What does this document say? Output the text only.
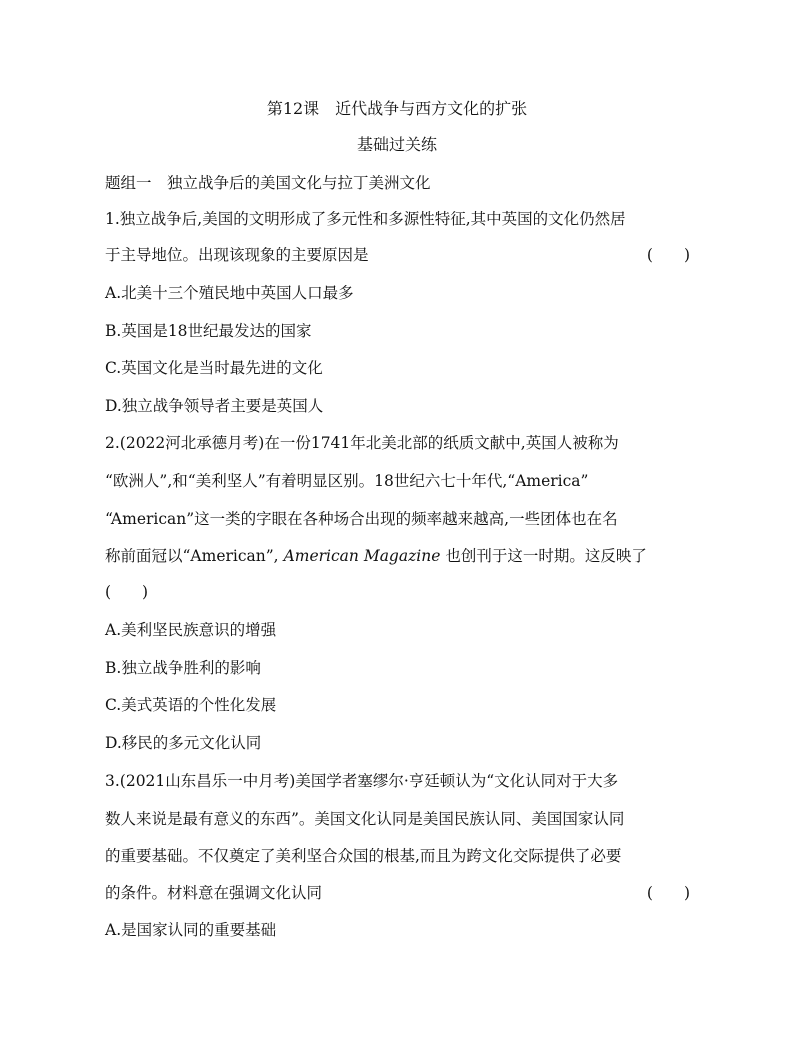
第12课　近代战争与西方文化的扩张
基础过关练
题组一　独立战争后的美国文化与拉丁美洲文化
1.独立战争后,美国的文明形成了多元性和多源性特征,其中英国的文化仍然居
于主导地位。出现该现象的主要原因是	(　　)
A.北美十三个殖民地中英国人口最多
B.英国是18世纪最发达的国家
C.英国文化是当时最先进的文化
D.独立战争领导者主要是英国人
2.(2022河北承德月考)在一份1741年北美北部的纸质文献中,英国人被称为
“欧洲人”,和“美利坚人”有着明显区别。18世纪六七十年代,“America”
“American”这一类的字眼在各种场合出现的频率越来越高,一些团体也在名
称前面冠以“American”, American Magazine 也创刊于这一时期。这反映了
(　　)
A.美利坚民族意识的增强
B.独立战争胜利的影响
C.美式英语的个性化发展
D.移民的多元文化认同
3.(2021山东昌乐一中月考)美国学者塞缪尔·亨廷顿认为“文化认同对于大多
数人来说是最有意义的东西”。美国文化认同是美国民族认同、美国国家认同
的重要基础。不仅奠定了美利坚合众国的根基,而且为跨文化交际提供了必要
的条件。材料意在强调文化认同	(　　)
A.是国家认同的重要基础
